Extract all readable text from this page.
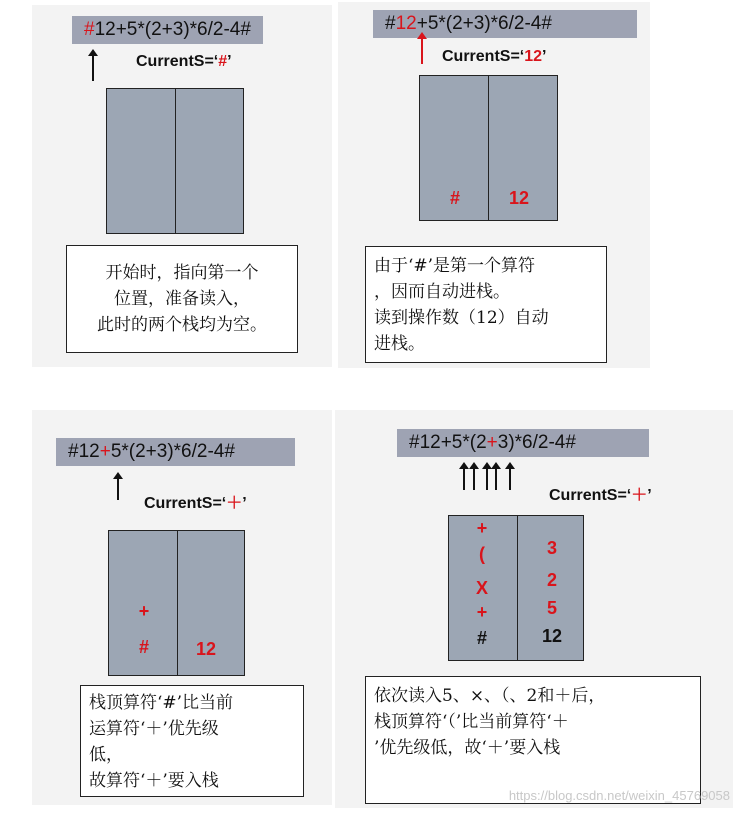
#12+5*(2+3)*6/2-4#
CurrentS=‘#’
开始时，指向第一个
位置，准备读入，
此时的两个栈均为空。
#12+5*(2+3)*6/2-4#
CurrentS=‘12’
#	12
由于‘#’是第一个算符
，因而自动进栈。
读到操作数（12）自动
进栈。
#12+5*(2+3)*6/2-4#
CurrentS=‘＋’
+
#	12
栈顶算符‘#’比当前
运算符‘＋’优先级
低，
故算符‘＋’要入栈
#12+5*(2+3)*6/2-4#
CurrentS=‘＋’
+
(
X
+
#
3
2
5
12
依次读入5、×、（、2和＋后，
栈顶算符‘（’比当前算符‘＋
’优先级低，故‘＋’要入栈
https://blog.csdn.net/weixin_45769058
